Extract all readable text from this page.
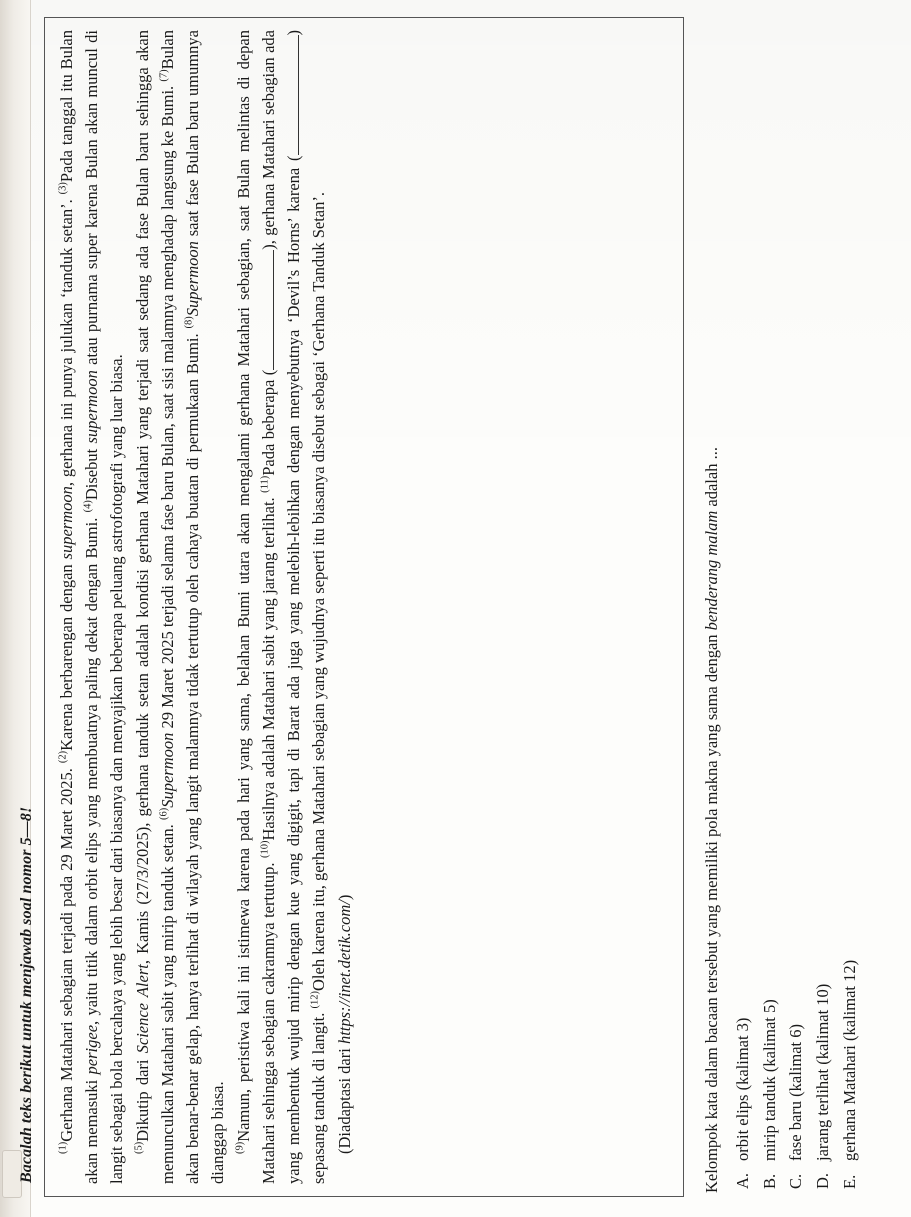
Bacalah teks berikut untuk menjawab soal nomor 5—8! $^{(1)}$Gerhana Matahari sebagian terjadi pada 29 Maret 2025. $^{(2)}$Karena berbarengan dengan supermoon, gerhana ini punya julukan ‘tanduk setan’. $^{(3)}$Pada tanggal itu Bulan akan memasuki perigee, yaitu titik dalam orbit elips yang membuatnya paling dekat dengan Bumi. $^{(4)}$Disebut supermoon atau purnama super karena Bulan akan muncul di langit sebagai bola bercahaya yang lebih besar dari biasanya dan menyajikan beberapa peluang astrofotografi yang luar biasa. $^{(5)}$Dikutip dari Science Alert, Kamis (27/3/2025), gerhana tanduk setan adalah kondisi gerhana Matahari yang terjadi saat sedang ada fase Bulan baru sehingga akan memunculkan Matahari sabit yang mirip tanduk setan. $^{(6)}$Supermoon 29 Maret 2025 terjadi selama fase baru Bulan, saat sisi malamnya menghadap langsung ke Bumi. $^{(7)}$Bulan akan benar-benar gelap, hanya terlihat di wilayah yang langit malamnya tidak tertutup oleh cahaya buatan di permukaan Bumi. $^{(8)}$Supermoon saat fase Bulan baru umumnya dianggap biasa. $^{(9)}$Namun, peristiwa kali ini istimewa karena pada hari yang sama, belahan Bumi utara akan mengalami gerhana Matahari sebagian, saat Bulan melintas di depan Matahari sehingga sebagian cakramnya tertutup. $^{(10)}$Hasilnya adalah Matahari sabit yang jarang terlihat. $^{(11)}$Pada beberapa (), gerhana Matahari sebagian ada yang membentuk wujud mirip dengan kue yang digigit, tapi di Barat ada juga yang melebih-lebihkan dengan menyebutnya ‘Devil’s Horns’ karena () sepasang tanduk di langit. $^{(12)}$Oleh karena itu, gerhana Matahari sebagian yang wujudnya seperti itu biasanya disebut sebagai ‘Gerhana Tanduk Setan’.

(Diadaptasi dari https://inet.detik.com/)	Kelompok kata dalam bacaan tersebut yang memiliki pola makna yang sama dengan benderang malam adalah ...
A.
orbit elips (kalimat 3)
B.
mirip tanduk (kalimat 5)
C.
fase baru (kalimat 6)
D.
jarang terlihat (kalimat 10)
E.
gerhana Matahari (kalimat 12)
